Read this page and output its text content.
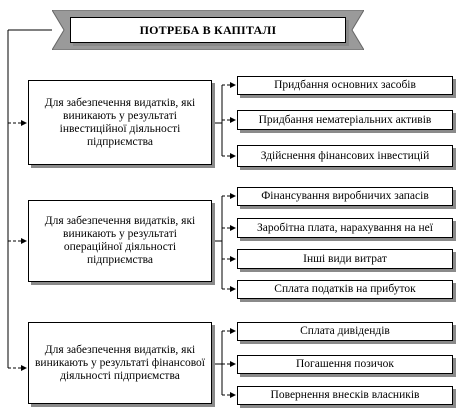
ПОТРЕБА В КАПІТАЛІ
Для забезпечення видатків, які виникають у результаті інвестиційної діяльності підприємства
Для забезпечення видатків, які виникають у результаті операційної діяльності підприємства
Для забезпечення видатків, які виникають у результаті фінансової діяльності підприємства
Придбання основних засобів
Придбання нематеріальних активів
Здійснення фінансових інвестицій
Фінансування виробничих запасів
Заробітна плата, нарахування на неї
Інші види витрат
Сплата податків на прибуток
Сплата дивідендів
Погашення позичок
Повернення внесків власників
